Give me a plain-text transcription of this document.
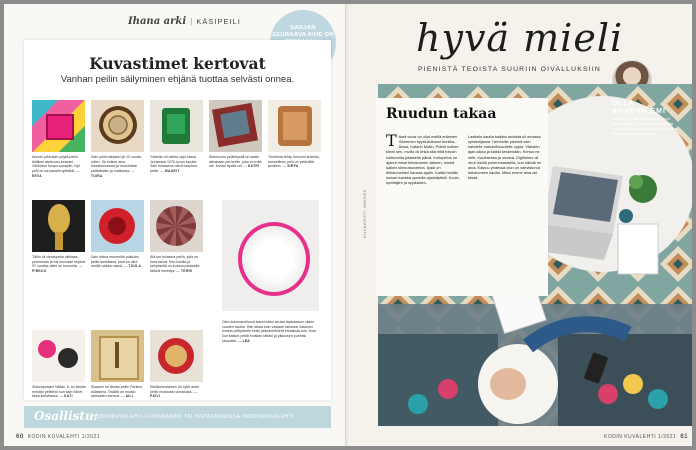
Ihana arki | KÄSIPEILI
SARJAN
SEURAAVA AIHE ON
Kuvastimet kertovat
Vanhan peilin säilyminen ehjänä tuottaa selvästi onnea.
Annoin pikkusen pöytä-peilin äidilleni ateisuutu-kessani. Väriloiton huopu-susaplin. Nyt peili on sa-kasalla työlläkin. — EEVA
Sain peilin lahjaksi yli 10 vuotta sitten. Se kulkee aina lokeskukussani ja muistuttaa ystävästäni ja matkoista. — TUIRA
Ystävän oli vaihto-oppi-laana Jenisessa 1970-luvun lopulla. Sain tuliaisena nämä taschen-peilin. — MAARIT
Äidimuorin peilinlipsäli on saatu aikoinaan perheelle, joka ei enää ole. Kullan hyvää on! — KATRI
Tuohesta tehty, tiensolu kuvioitu, kannellinen peili on ystävältä peräisin. — SIRPA
Tällin oli vierasparia nikkissa perheessä ja tuli tuomaan ehjänä. 97-vuotias tätini on huonelta. — PIRKKO
Sain tuttua mummilta puikuksi peilin sussilaina, joka on ollut meillä vaikka missä. — TUULA
Älä toe tuliasina peilin, jolla on oma tarina. Sen kukilla ja kehyksellä on kotona jokaisella tärkeä merkitys. — TERHI
Siskonpoikani Niklas, 5, toi tämän meidän pelleihin kun sain hänet kesä-kahvilassa. — KATI
Sisareni toi tämän peilin Pariisin-tuliaisena. Sisältä on muisto rakkaiden kanssa. — AILI
Eteläkorealainen Un tyttö antoi peilin muistoksi vierailusta. — PÄIVI
Olen kommamillunut tatoni tukisi kertaa täpkolasion viiden vuoden sisalla. Hän aikaa tulin vastaan tahossa Jokainen muista peilipilvelle kesin jäänäntökiretä erilaisista tuin. Aina kun katson peiliä muistan tätiäni ja pikkuisen pueetta sauvaksi. — LEA
Osallistu:
KODINKUVALEHTI.FI/IHANAARKI TAI INSTAGRAMISSA #KODINKUVALEHTI
60 KODIN KUVALEHTI 1/2021
hyvä mieli
PIENISTÄ TEOISTA SUURIIN OIVALLUKSIIN
ULLA
AHVENNIEMI
reissaa pöydällä tahtipuun ja muut noissa. Hän on joskus tilanne kulkee kuin rakentajan kanssa sekä kouluissa koronapandemian aikana.
KUVAKOSTI IMAGES
Ruudun takaa
Tämä vuosi on ollut meillä erilainen. Viimeinen syyslukukausi Anniika, Anssi, Katarin Mottu. Pokeli kulkee kiinni sen, mutta oli ehkä sitä mitä toivoin kotisivuilla jokaisella päivä. Kotiopetus on ajanut minut tietokoneen ääreen, minkä kaiken kiinnostuneena. Ipadi on tietokoneiden kanssa ajatin. Kaikki heidän luokan kanssa opetella ajankäyttöä. Koulu, opettajien ja oppilaiden.
Lastisiin kautta kaikkia asioista oli omassa opiskelijassa. Hermoille pieninä vain kahdelle mahdollisuudelle oppia. Väestön ajan aikaa ja kaikki keskenään. Kertoo ne netti. Kuultaessa ja odotaa. Digiheimo oli ohut meillä pokerinsanarilta, kun nähdä ne aina. Kaipuu yhdessä olon on vahvistunut tietokoneen kautta. Miksi emme aina ole tässä.
KODIN KUVALEHTI 1/2021 61
